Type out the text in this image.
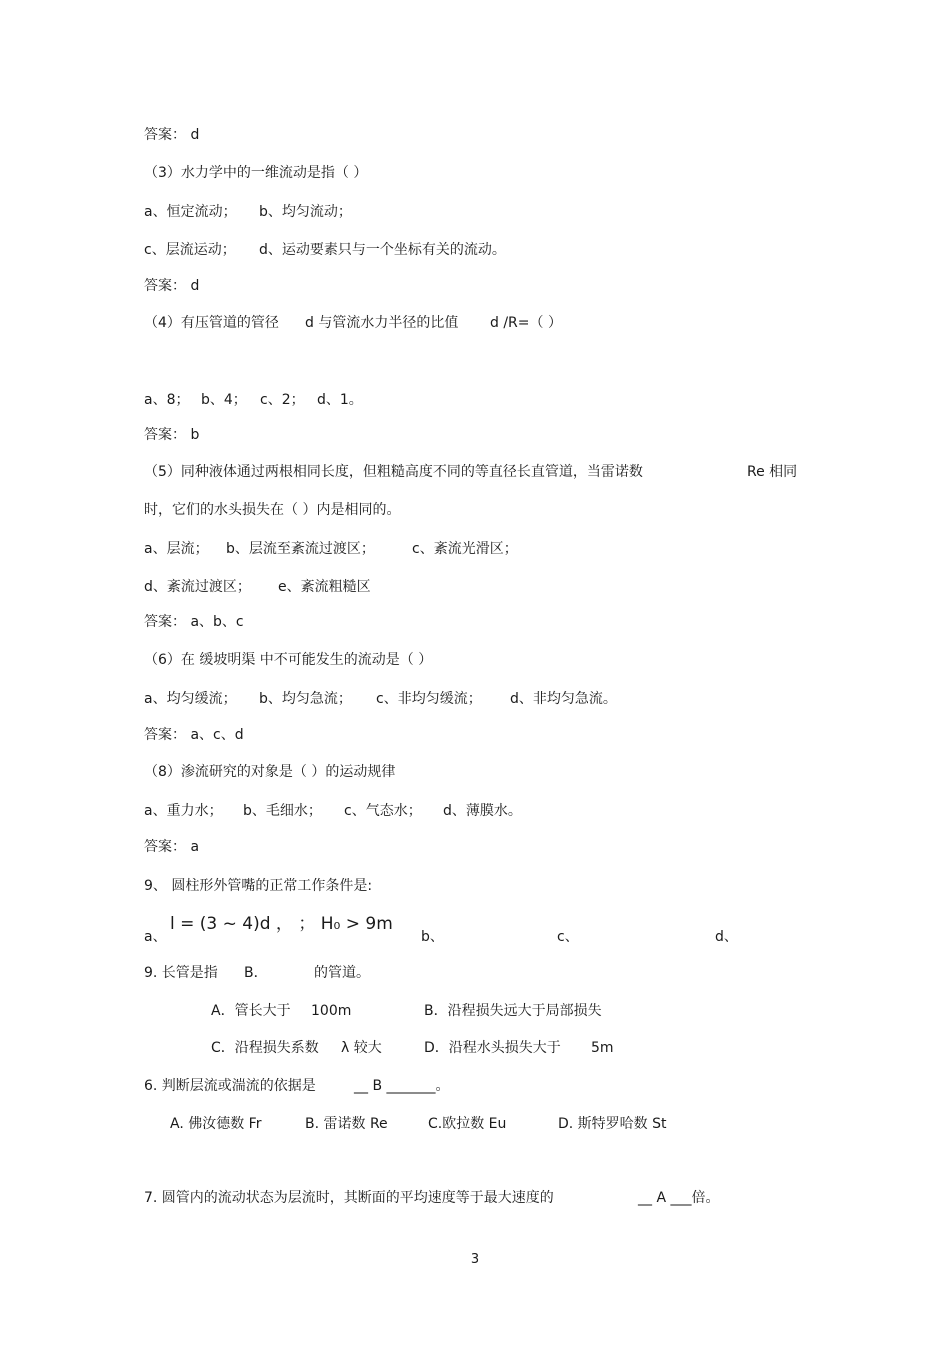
答案： d
（3）水力学中的一维流动是指（ ）
a、恒定流动； b、均匀流动；
c、层流运动； d、运动要素只与一个坐标有关的流动。
答案： d
（4）有压管道的管径 d 与管流水力半径的比值 d /R=（ ）
a、8； b、4； c、2； d、1。
答案： b
（5）同种液体通过两根相同长度，但粗糙高度不同的等直径长直管道，当雷诺数	Re 相同
时，它们的水头损失在（ ）内是相同的。
a、层流； b、层流至紊流过渡区；	c、紊流光滑区；
d、紊流过渡区； e、紊流粗糙区
答案： a、b、c
（6）在 缓坡明渠 中不可能发生的流动是（ ）
a、均匀缓流； b、均匀急流； c、非均匀缓流； d、非均匀急流。
答案： a、c、d
（8）渗流研究的对象是（ ）的运动规律
a、重力水； b、毛细水； c、气态水； d、薄膜水。
答案： a
9、 圆柱形外管嘴的正常工作条件是:
a、
l = (3 ~ 4)d ， ； H₀ > 9m
b、	c、	d、
9. 长管是指 B．	的管道。
A．管长大于 100m	B．沿程损失远大于局部损失
C．沿程损失系数 λ 较大	D．沿程水头损失大于 5m
6. 判断层流或湍流的依据是	__ B _______。
A. 佛汝德数 Fr	B. 雷诺数 Re	C.欧拉数 Eu	D. 斯特罗哈数 St
7. 圆管内的流动状态为层流时，其断面的平均速度等于最大速度的	__ A ___倍。
3
